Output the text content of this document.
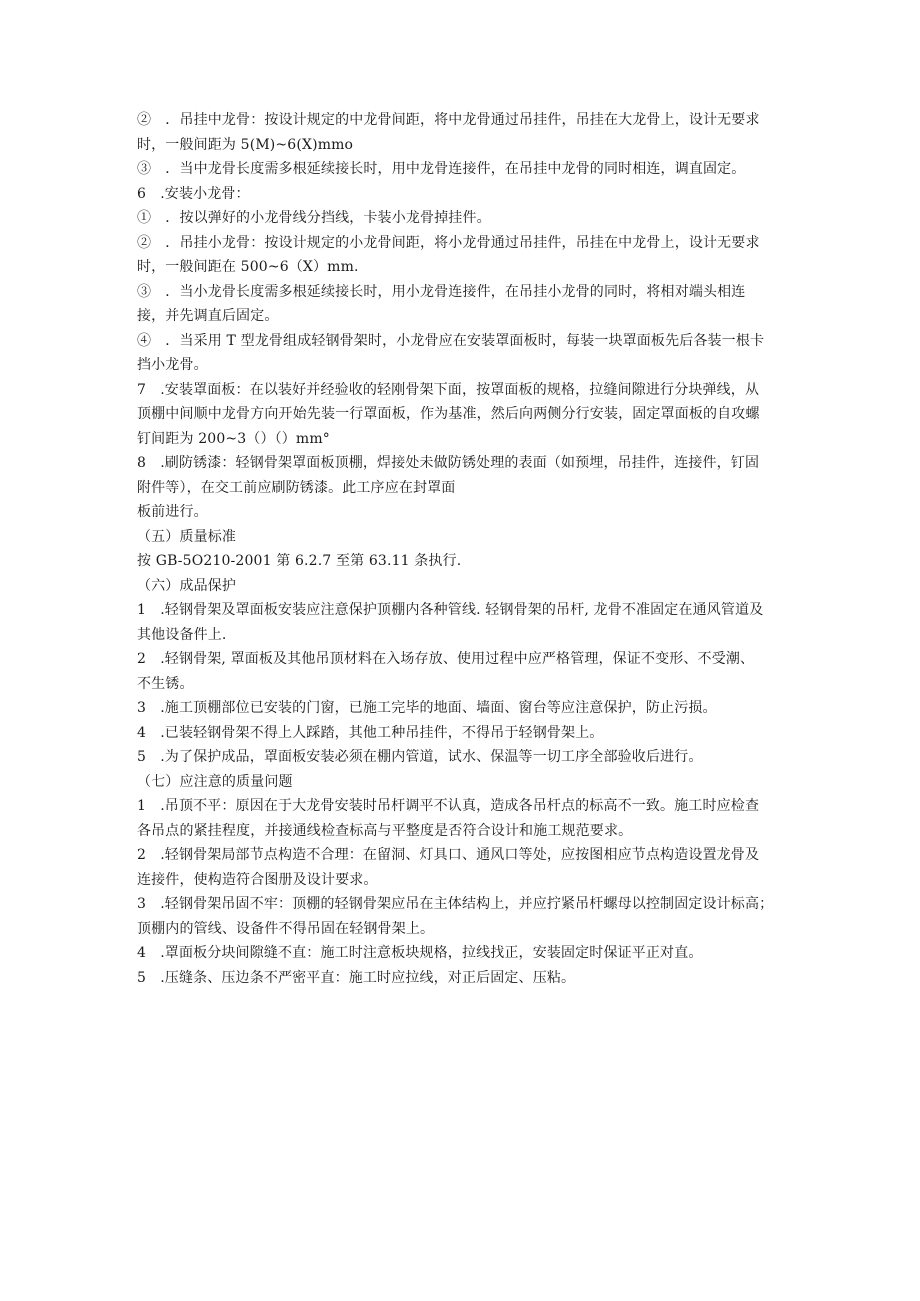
②　．吊挂中龙骨：按设计规定的中龙骨间距，将中龙骨通过吊挂件，吊挂在大龙骨上，设计无要求
时，一般间距为 5(M)~6(X)mmo
③　．当中龙骨长度需多根延续接长时，用中龙骨连接件，在吊挂中龙骨的同时相连，调直固定。
6　.安装小龙骨：
①　．按以弹好的小龙骨线分挡线，卡装小龙骨掉挂件。
②　．吊挂小龙骨：按设计规定的小龙骨间距，将小龙骨通过吊挂件，吊挂在中龙骨上，设计无要求
时，一般间距在 500~6（X）mm.
③　．当小龙骨长度需多根延续接长时，用小龙骨连接件，在吊挂小龙骨的同时，将相对端头相连
接，并先调直后固定。
④　．当采用 T 型龙骨组成轻钢骨架时，小龙骨应在安装罩面板时，每装一块罩面板先后各装一根卡
挡小龙骨。
7　.安装罩面板：在以装好并经验收的轻刚骨架下面，按罩面板的规格，拉缝间隙进行分块弹线，从
顶棚中间顺中龙骨方向开始先装一行罩面板，作为基准，然后向两侧分行安装，固定罩面板的自攻螺
钉间距为 200~3（）（）mm°
8　.刷防锈漆：轻钢骨架罩面板顶棚，焊接处未做防锈处理的表面（如预埋，吊挂件，连接件，钉固
附件等），在交工前应刷防锈漆。此工序应在封罩面
板前进行。
（五）质量标准
按 GB-5O210-2001 第 6.2.7 至第 63.11 条执行.
（六）成品保护
1　.轻钢骨架及罩面板安装应注意保护顶棚内各种管线. 轻钢骨架的吊杆, 龙骨不准固定在通风管道及
其他设备件上.
2　.轻钢骨架, 罩面板及其他吊顶材料在入场存放、使用过程中应严格管理，保证不变形、不受潮、
不生锈。
3　.施工顶棚部位已安装的门窗，已施工完毕的地面、墙面、窗台等应注意保护，防止污损。
4　.已装轻钢骨架不得上人踩踏，其他工种吊挂件，不得吊于轻钢骨架上。
5　.为了保护成品，罩面板安装必须在棚内管道，试水、保温等一切工序全部验收后进行。
（七）应注意的质量问题
1　.吊顶不平：原因在于大龙骨安装时吊杆调平不认真，造成各吊杆点的标高不一致。施工时应检查
各吊点的紧挂程度，并接通线检查标高与平整度是否符合设计和施工规范要求。
2　.轻钢骨架局部节点构造不合理：在留洞、灯具口、通风口等处，应按图相应节点构造设置龙骨及
连接件，使构造符合图册及设计要求。
3　.轻钢骨架吊固不牢：顶棚的轻钢骨架应吊在主体结构上，并应拧紧吊杆螺母以控制固定设计标高；
顶棚内的管线、设备件不得吊固在轻钢骨架上。
4　.罩面板分块间隙缝不直：施工时注意板块规格，拉线找正，安装固定时保证平正对直。
5　.压缝条、压边条不严密平直：施工时应拉线，对正后固定、压粘。
